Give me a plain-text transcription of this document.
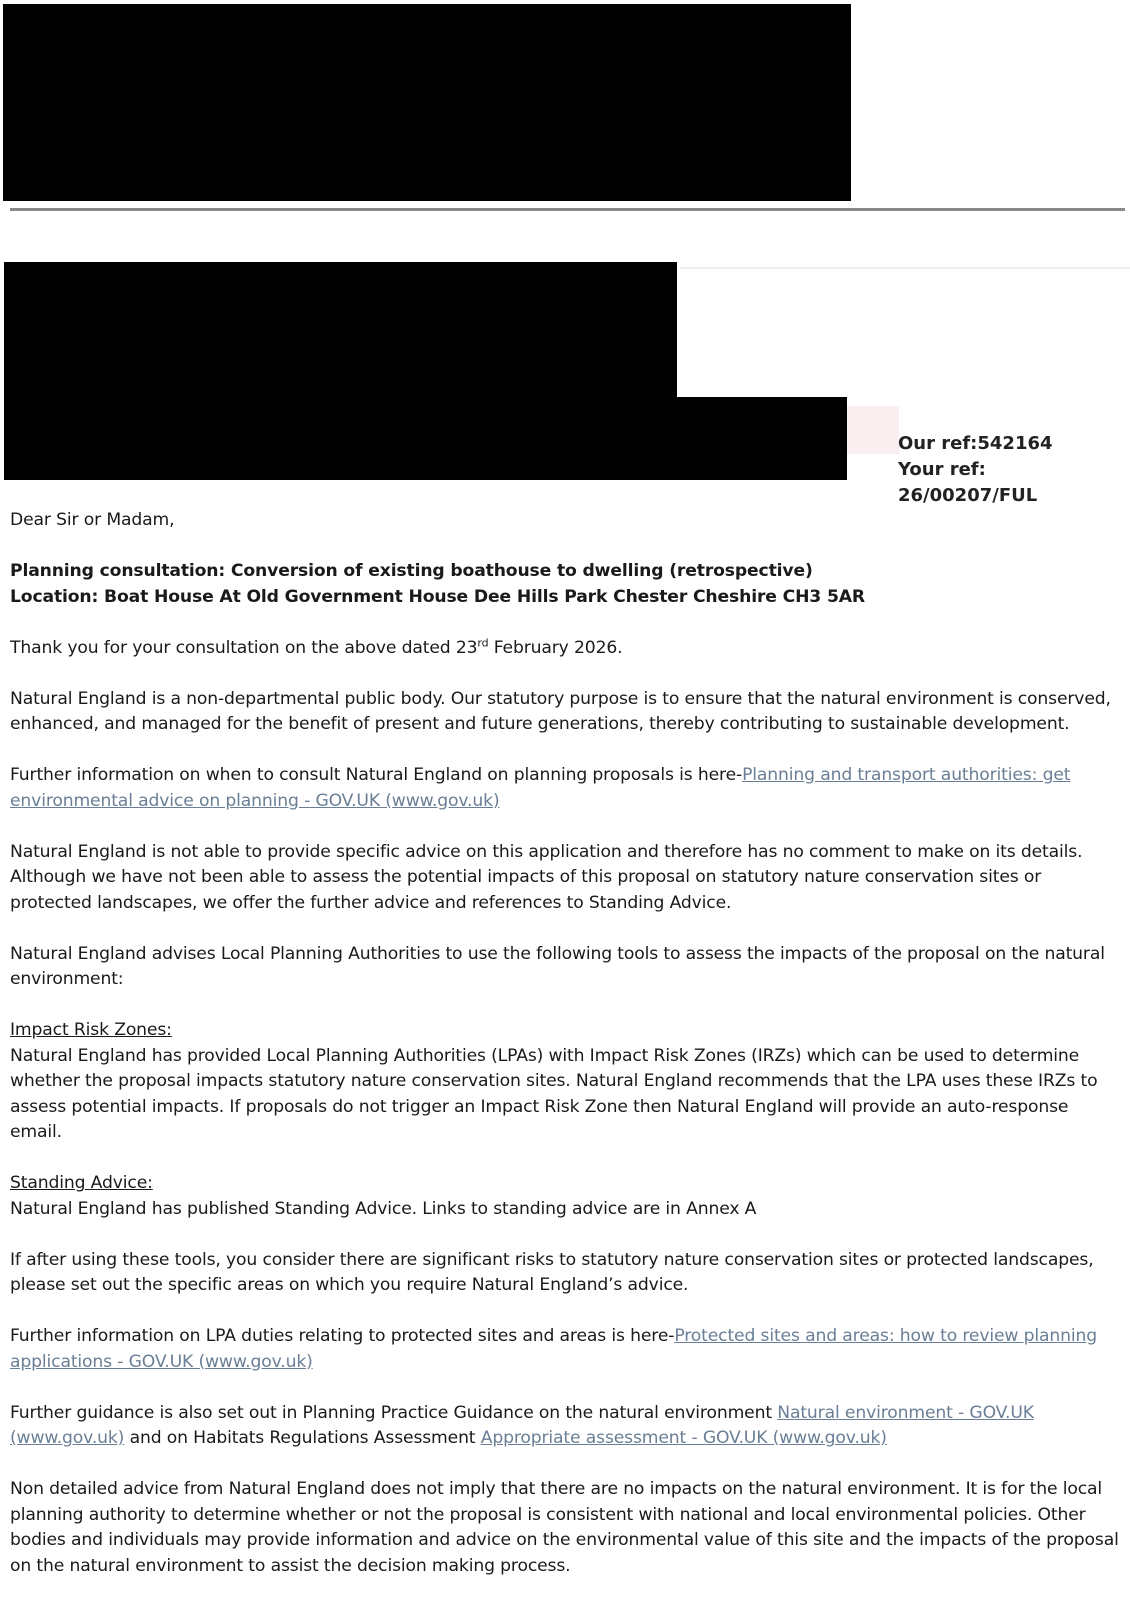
Our ref:542164
Your ref: 26/00207/FUL

Dear Sir or Madam,

Planning consultation: Conversion of existing boathouse to dwelling (retrospective)
Location: Boat House At Old Government House Dee Hills Park Chester Cheshire CH3 5AR

Thank you for your consultation on the above dated 23rd February 2026.

Natural England is a non-departmental public body. Our statutory purpose is to ensure that the natural environment is conserved, enhanced, and managed for the benefit of present and future generations, thereby contributing to sustainable development.

Further information on when to consult Natural England on planning proposals is here-Planning and transport authorities: get environmental advice on planning - GOV.UK (www.gov.uk)

Natural England is not able to provide specific advice on this application and therefore has no comment to make on its details. Although we have not been able to assess the potential impacts of this proposal on statutory nature conservation sites or protected landscapes, we offer the further advice and references to Standing Advice.

Natural England advises Local Planning Authorities to use the following tools to assess the impacts of the proposal on the natural environment:

Impact Risk Zones:
Natural England has provided Local Planning Authorities (LPAs) with Impact Risk Zones (IRZs) which can be used to determine whether the proposal impacts statutory nature conservation sites. Natural England recommends that the LPA uses these IRZs to assess potential impacts. If proposals do not trigger an Impact Risk Zone then Natural England will provide an auto-response email.

Standing Advice:
Natural England has published Standing Advice. Links to standing advice are in Annex A

If after using these tools, you consider there are significant risks to statutory nature conservation sites or protected landscapes, please set out the specific areas on which you require Natural England’s advice.

Further information on LPA duties relating to protected sites and areas is here-Protected sites and areas: how to review planning applications - GOV.UK (www.gov.uk)

Further guidance is also set out in Planning Practice Guidance on the natural environment Natural environment - GOV.UK (www.gov.uk) and on Habitats Regulations Assessment Appropriate assessment - GOV.UK (www.gov.uk)

Non detailed advice from Natural England does not imply that there are no impacts on the natural environment. It is for the local planning authority to determine whether or not the proposal is consistent with national and local environmental policies. Other bodies and individuals may provide information and advice on the environmental value of this site and the impacts of the proposal on the natural environment to assist the decision making process.
